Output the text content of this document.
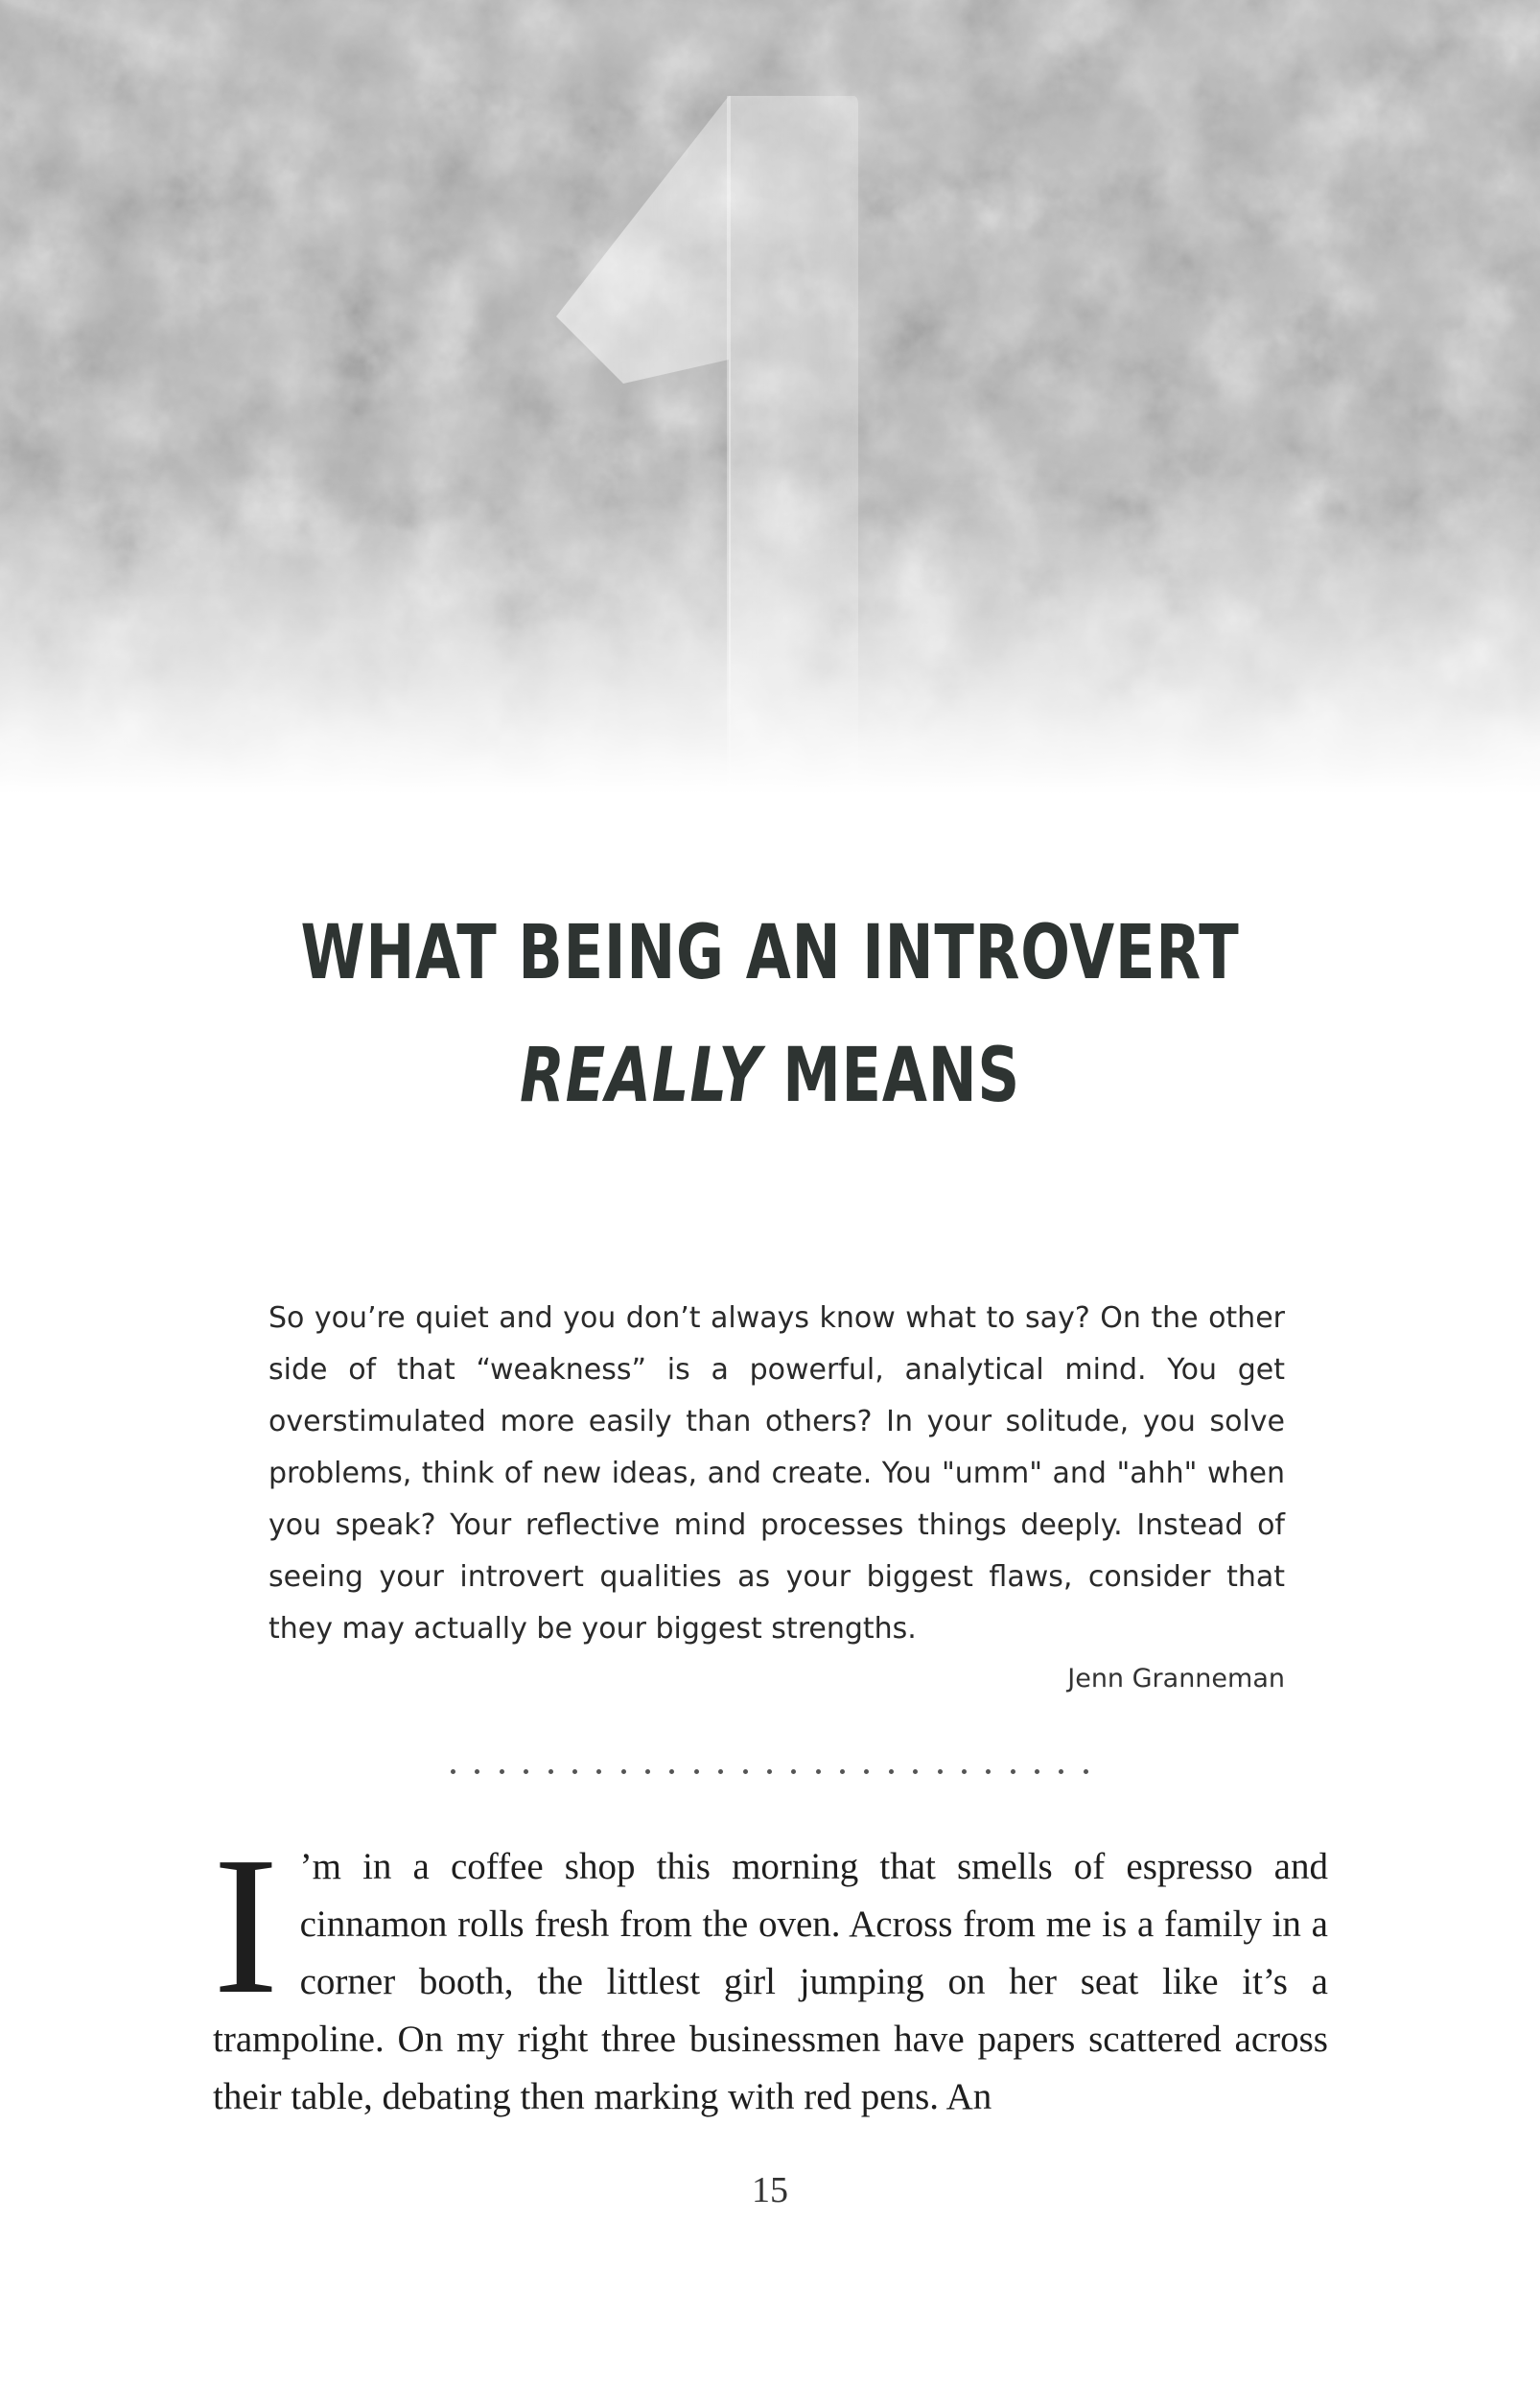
WHAT BEING AN INTROVERT
REALLY MEANS

So you’re quiet and you don’t always know what to say? On the other side of that “weakness” is a powerful, analytical mind. You get overstimulated more easily than others? In your solitude, you solve problems, think of new ideas, and create. You "umm" and "ahh" when you speak? Your reflective mind processes things deeply. Instead of seeing your introvert qualities as your biggest flaws, consider that they may actually be your biggest strengths.

Jenn Granneman

I ’m in a coffee shop this morning that smells of espresso and cinnamon rolls fresh from the oven. Across from me is a family in a corner booth, the littlest girl jumping on her seat like it’s a trampoline. On my right three businessmen have papers scattered across their table, debating then marking with red pens. An

15
